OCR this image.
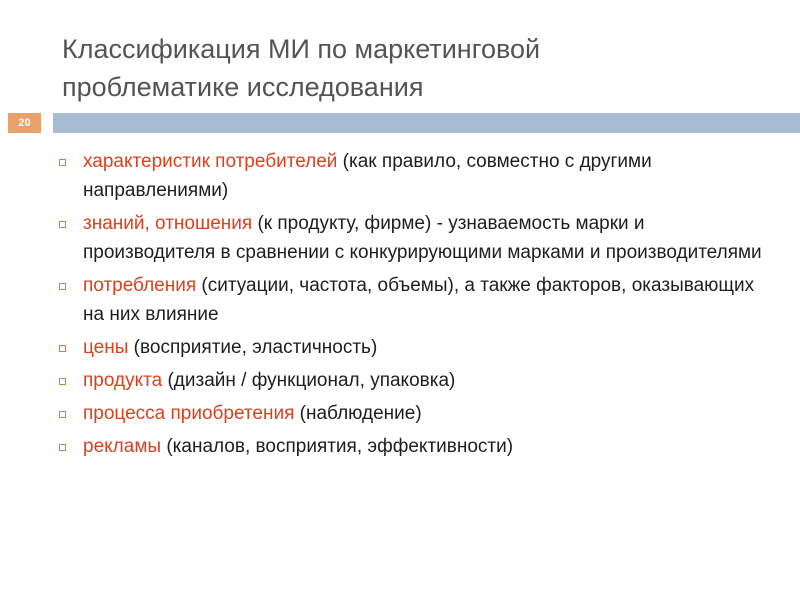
Классификация МИ по маркетинговой
проблематике исследования
20
характеристик потребителей (как правило, совместно с другими направлениями)
знаний, отношения (к продукту, фирме) - узнаваемость марки и производителя в сравнении с конкурирующими марками и производителями
потребления (ситуации, частота, объемы), а также факторов, оказывающих на них влияние
цены (восприятие, эластичность)
продукта (дизайн / функционал, упаковка)
процесса приобретения (наблюдение)
рекламы (каналов, восприятия, эффективности)
